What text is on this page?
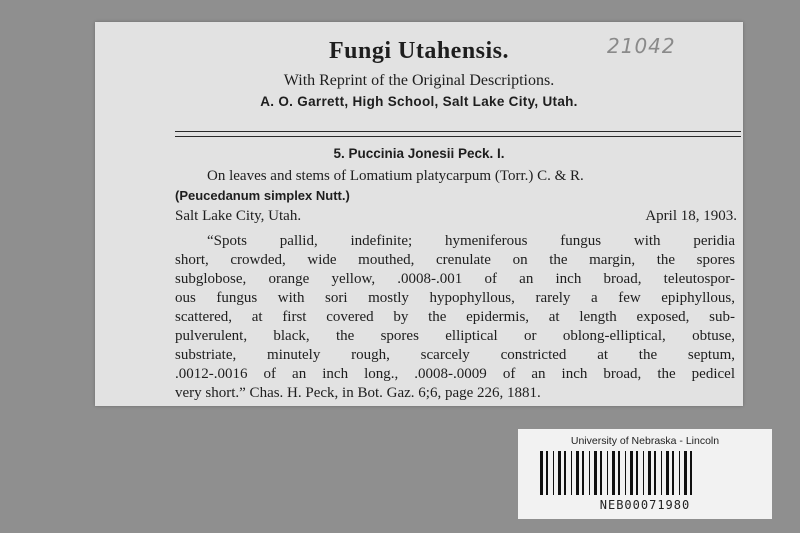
Fungi Utahensis.	21042
With Reprint of the Original Descriptions.
A. O. Garrett, High School, Salt Lake City, Utah.
5. Puccinia Jonesii Peck. I.
On leaves and stems of Lomatium platycarpum (Torr.) C. & R.
(Peucedanum simplex Nutt.)
Salt Lake City, Utah.	April 18, 1903.
“Spots pallid, indefinite; hymeniferous fungus with peridia
short, crowded, wide mouthed, crenulate on the margin, the spores
subglobose, orange yellow, .0008-.001 of an inch broad, teleutospor-
ous fungus with sori mostly hypophyllous, rarely a few epiphyllous,
scattered, at first covered by the epidermis, at length exposed, sub-
pulverulent, black, the spores elliptical or oblong-elliptical, obtuse,
substriate, minutely rough, scarcely constricted at the septum,
.0012-.0016 of an inch long., .0008-.0009 of an inch broad, the pedicel
very short.” Chas. H. Peck, in Bot. Gaz. 6;6, page 226, 1881.
University of Nebraska - Lincoln
NEB00071980
